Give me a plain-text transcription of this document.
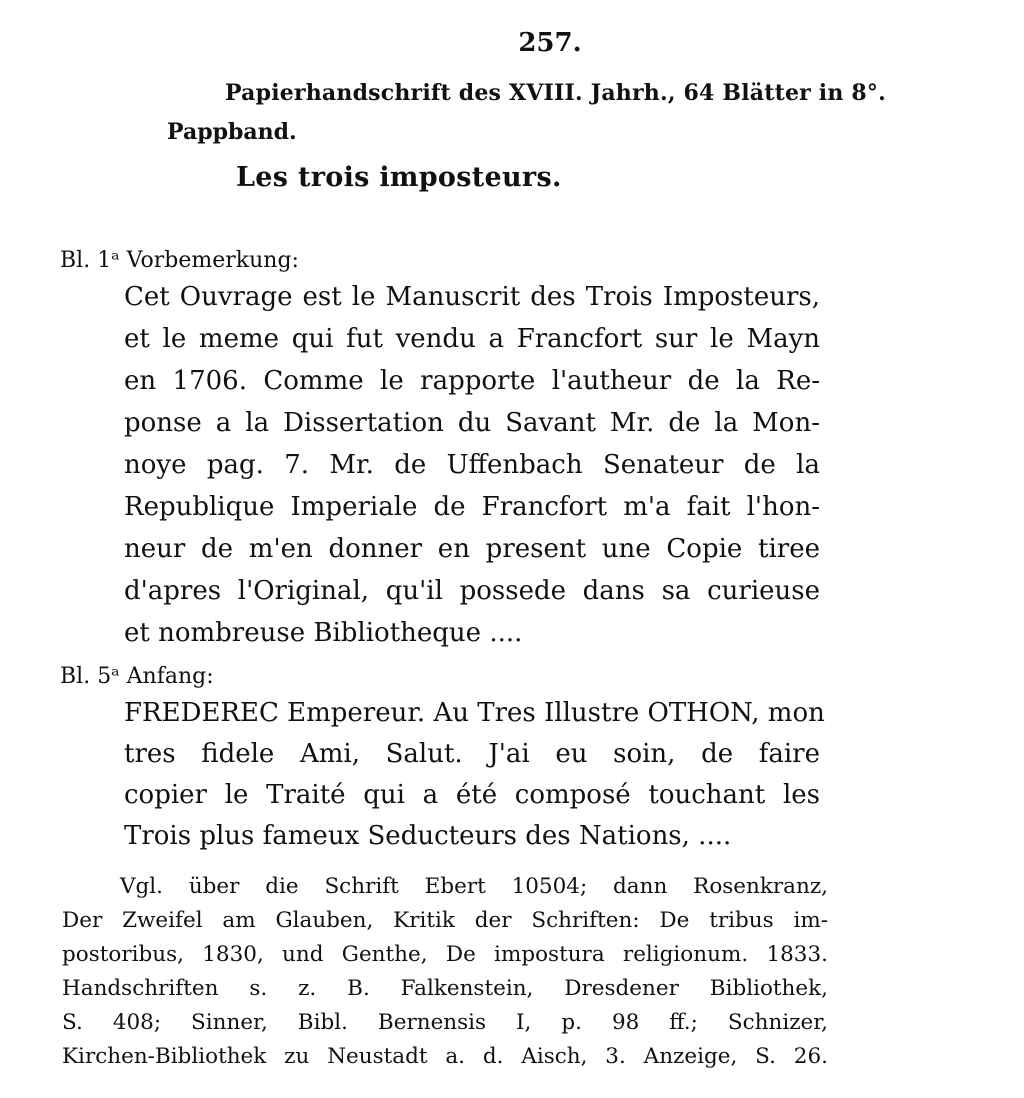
257.
Papierhandschrift des XVIII. Jahrh., 64 Blätter in 8°.
Pappband.
Les trois imposteurs.
Bl. 1ᵃ Vorbemerkung:
Cet Ouvrage est le Manuscrit des Trois Imposteurs,
et le meme qui fut vendu a Francfort sur le Mayn
en 1706. Comme le rapporte l'autheur de la Re-
ponse a la Dissertation du Savant Mr. de la Mon-
noye pag. 7. Mr. de Uffenbach Senateur de la
Republique Imperiale de Francfort m'a fait l'hon-
neur de m'en donner en present une Copie tiree
d'apres l'Original, qu'il possede dans sa curieuse
et nombreuse Bibliotheque ....
Bl. 5ᵃ Anfang:
FREDEREC Empereur. Au Tres Illustre OTHON, mon
tres fidele Ami, Salut. J'ai eu soin, de faire
copier le Traité qui a été composé touchant les
Trois plus fameux Seducteurs des Nations, ....
Vgl. über die Schrift Ebert 10504; dann Rosenkranz,
Der Zweifel am Glauben, Kritik der Schriften: De tribus im-
postoribus, 1830, und Genthe, De impostura religionum. 1833.
Handschriften s. z. B. Falkenstein, Dresdener Bibliothek,
S. 408; Sinner, Bibl. Bernensis I, p. 98 ff.; Schnizer,
Kirchen-Bibliothek zu Neustadt a. d. Aisch, 3. Anzeige, S. 26.
